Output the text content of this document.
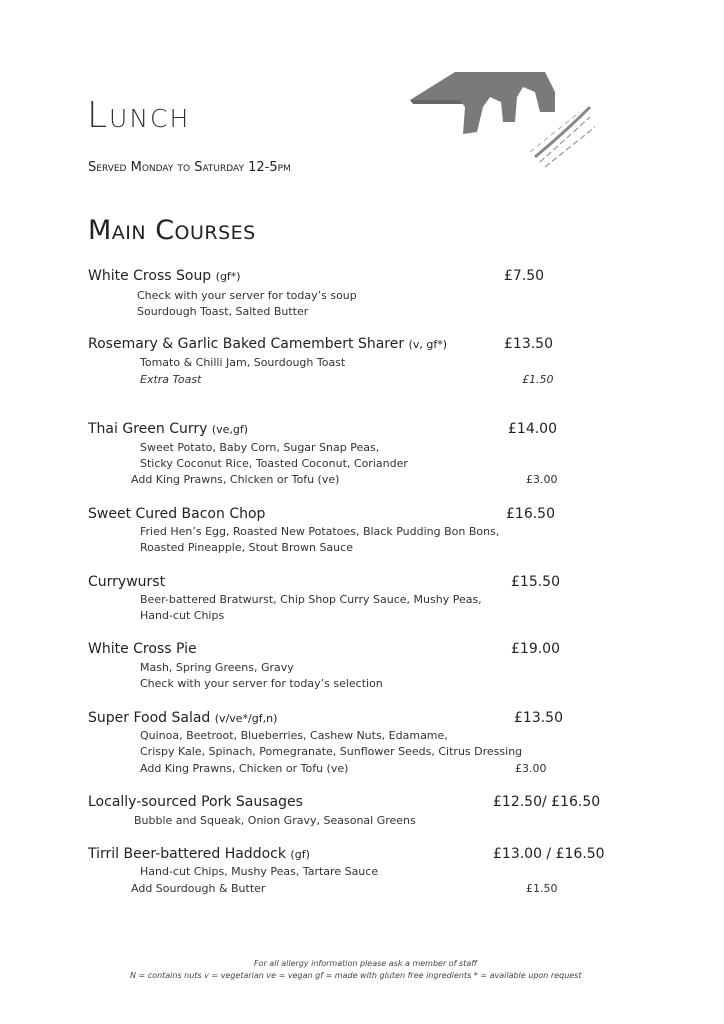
Lunch
Served Monday to Saturday 12-5pm
Main Courses
White Cross Soup (gf*)	£7.50
Check with your server for today’s soup
Sourdough Toast, Salted Butter
Rosemary & Garlic Baked Camembert Sharer (v, gf*)	£13.50
Tomato & Chilli Jam, Sourdough Toast
Extra Toast	£1.50
Thai Green Curry (ve,gf)	£14.00
Sweet Potato, Baby Corn, Sugar Snap Peas,
Sticky Coconut Rice, Toasted Coconut, Coriander
Add King Prawns, Chicken or Tofu (ve)	£3.00
Sweet Cured Bacon Chop	£16.50
Fried Hen’s Egg, Roasted New Potatoes, Black Pudding Bon Bons,
Roasted Pineapple, Stout Brown Sauce
Currywurst	£15.50
Beer-battered Bratwurst, Chip Shop Curry Sauce, Mushy Peas,
Hand-cut Chips
White Cross Pie	£19.00
Mash, Spring Greens, Gravy
Check with your server for today’s selection
Super Food Salad (v/ve*/gf,n)	£13.50
Quinoa, Beetroot, Blueberries, Cashew Nuts, Edamame,
Crispy Kale, Spinach, Pomegranate, Sunflower Seeds, Citrus Dressing
Add King Prawns, Chicken or Tofu (ve)	£3.00
Locally-sourced Pork Sausages	£12.50/ £16.50
Bubble and Squeak, Onion Gravy, Seasonal Greens
Tirril Beer-battered Haddock (gf)	£13.00 / £16.50
Hand-cut Chips, Mushy Peas, Tartare Sauce
Add Sourdough & Butter	£1.50
For all allergy information please ask a member of staff
N = contains nuts v = vegetarian ve = vegan gf = made with gluten free ingredients * = available upon request
